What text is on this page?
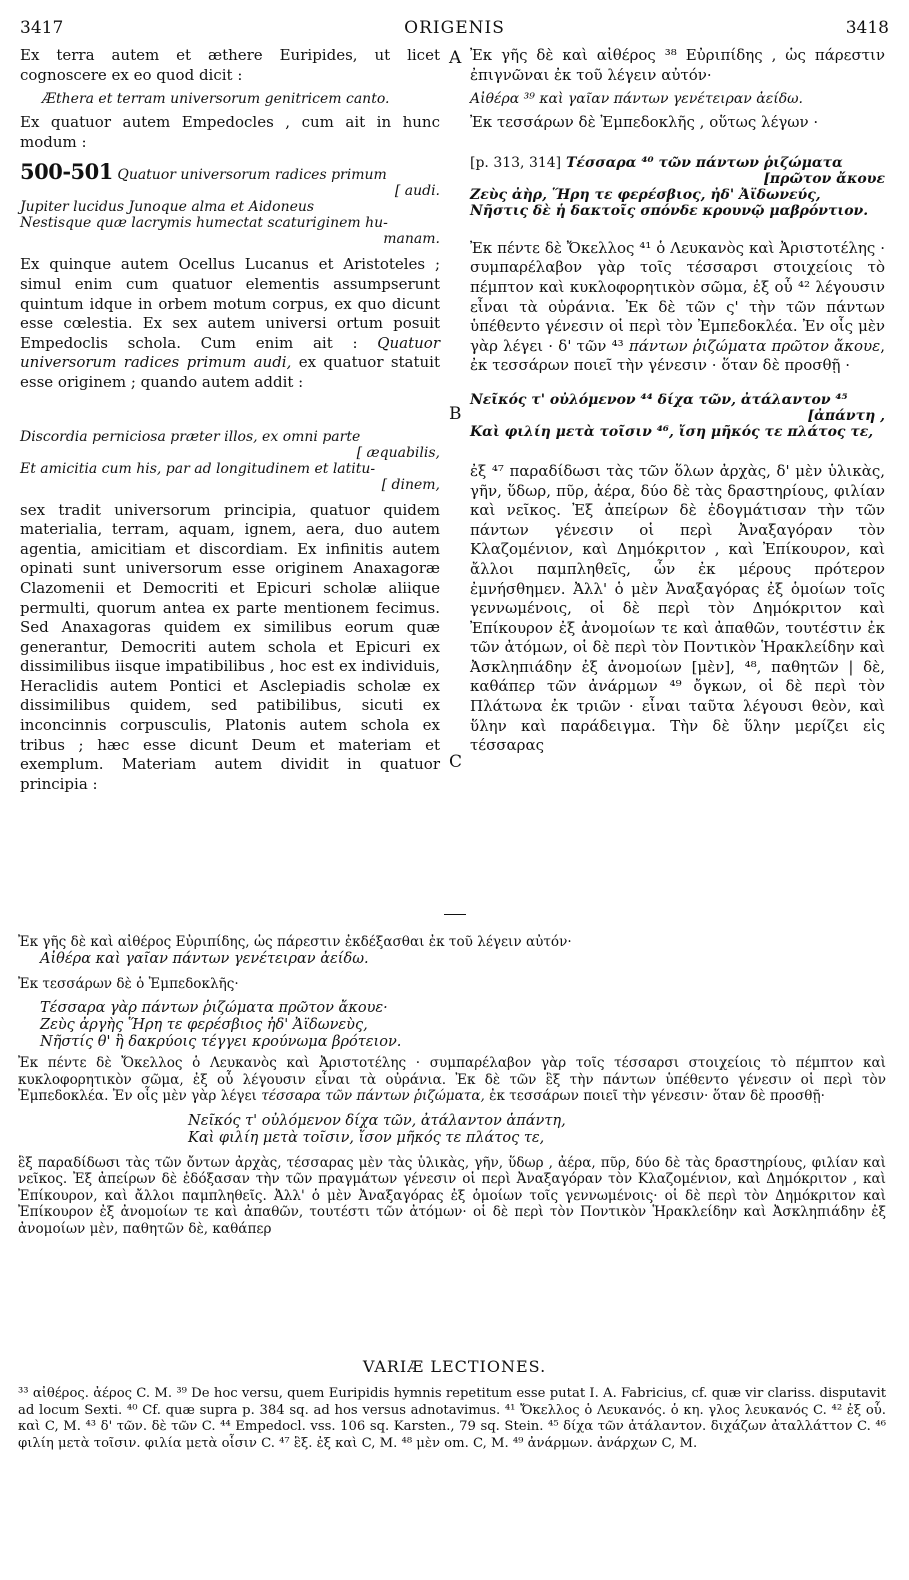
3417	ORIGENIS	3418

Ex terra autem et æthere Euripides, ut licet cognoscere ex eo quod dicit :

Æthera et terram universorum genitricem canto.

Ex quatuor autem Empedocles , cum ait in hunc modum :

500-501 Quatuor universorum radices primum
[ audi.
Jupiter lucidus Junoque alma et Aidoneus
Nestisque quæ lacrymis humectat scaturiginem hu-
manam.

Ex quinque autem Ocellus Lucanus et Aristoteles ; simul enim cum quatuor elementis assumpserunt quintum idque in orbem motum corpus, ex quo dicunt esse cœlestia. Ex sex autem universi ortum posuit Empedoclis schola. Cum enim ait : Quatuor universorum radices primum audi, ex quatuor statuit esse originem ; quando autem addit :

Discordia perniciosa præter illos, ex omni parte
[ æquabilis,
Et amicitia cum his, par ad longitudinem et latitu-
[ dinem,

sex tradit universorum principia, quatuor quidem materialia, terram, aquam, ignem, aera, duo autem agentia, amicitiam et discordiam. Ex infinitis autem opinati sunt universorum esse originem Anaxagoræ Clazomenii et Democriti et Epicuri scholæ aliique permulti, quorum antea ex parte mentionem fecimus. Sed Anaxagoras quidem ex similibus eorum quæ generantur, Democriti autem schola et Epicuri ex dissimilibus iisque impatibilibus , hoc est ex individuis, Heraclidis autem Pontici et Asclepiadis scholæ ex dissimilibus quidem, sed patibilibus, sicuti ex inconcinnis corpusculis, Platonis autem schola ex tribus ; hæc esse dicunt Deum et materiam et exemplum. Materiam autem dividit in quatuor principia :

A
B
C

Ἐκ γῆς δὲ καὶ αἰθέρος ³⁸ Εὐριπίδης , ὡς πάρεστιν ἐπιγνῶναι ἐκ τοῦ λέγειν αὐτόν·

Αἰθέρα ³⁹ καὶ γαῖαν πάντων γενέτειραν ἀείδω.

Ἐκ τεσσάρων δὲ Ἐμπεδοκλῆς , οὕτως λέγων ·

[p. 313, 314] Τέσσαρα ⁴⁰ τῶν πάντων ῥιζώματα
[πρῶτον ἄκουε
Ζεὺς ἀὴρ, Ἥρη τε φερέσβιος, ἠδ' Ἀϊδωνεύς,
Νῆστις δὲ ἡ δακτοῖς σπόνδε κρουνῷ μαβρόντιον.

Ἐκ πέντε δὲ Ὄκελλος ⁴¹ ὁ Λευκανὸς καὶ Ἀριστοτέλης · συμπαρέλαβον γὰρ τοῖς τέσσαρσι στοιχείοις τὸ πέμπτον καὶ κυκλοφορητικὸν σῶμα, ἐξ οὗ ⁴² λέγουσιν εἶναι τὰ οὐράνια. Ἐκ δὲ τῶν ς' τὴν τῶν πάντων ὑπέθεντο γένεσιν οἱ περὶ τὸν Ἐμπεδοκλέα. Ἐν οἷς μὲν γὰρ λέγει · δ' τῶν ⁴³ πάντων ῥιζώματα πρῶτον ἄκουε, ἐκ τεσσάρων ποιεῖ τὴν γένεσιν · ὅταν δὲ προσθῇ ·

Νεῖκός τ' οὐλόμενον ⁴⁴ δίχα τῶν, ἀτάλαντον ⁴⁵
[ἀπάντη ,
Καὶ φιλίη μετὰ τοῖσιν ⁴⁶, ἴση μῆκός τε πλάτος τε,

ἐξ ⁴⁷ παραδίδωσι τὰς τῶν ὅλων ἀρχὰς, δ' μὲν ὑλικὰς, γῆν, ὕδωρ, πῦρ, ἀέρα, δύο δὲ τὰς δραστηρίους, φιλίαν καὶ νεῖκος. Ἐξ ἀπείρων δὲ ἐδογμάτισαν τὴν τῶν πάντων γένεσιν οἱ περὶ Ἀναξαγόραν τὸν Κλαζομένιον, καὶ Δημόκριτον , καὶ Ἐπίκουρον, καὶ ἄλλοι παμπληθεῖς, ὧν ἐκ μέρους πρότερον ἐμνήσθημεν. Ἀλλ' ὁ μὲν Ἀναξαγόρας ἐξ ὁμοίων τοῖς γεννωμένοις, οἱ δὲ περὶ τὸν Δημόκριτον καὶ Ἐπίκουρον ἐξ ἀνομοίων τε καὶ ἀπαθῶν, τουτέστιν ἐκ τῶν ἀτόμων, οἱ δὲ περὶ τὸν Ποντικὸν Ἡρακλείδην καὶ Ἀσκληπιάδην ἐξ ἀνομοίων [μὲν], ⁴⁸, παθητῶν | δὲ, καθάπερ τῶν ἀνάρμων ⁴⁹ ὄγκων, οἱ δὲ περὶ τὸν Πλάτωνα ἐκ τριῶν · εἶναι ταῦτα λέγουσι θεὸν, καὶ ὕλην καὶ παράδειγμα. Τὴν δὲ ὕλην μερίζει εἰς τέσσαρας

Ἐκ γῆς δὲ καὶ αἰθέρος Εὐριπίδης, ὡς πάρεστιν ἐκδέξασθαι ἐκ τοῦ λέγειν αὐτόν·

Αἰθέρα καὶ γαῖαν πάντων γενέτειραν ἀείδω.

Ἐκ τεσσάρων δὲ ὁ Ἐμπεδοκλῆς·

Τέσσαρα γὰρ πάντων ῥιζώματα πρῶτον ἄκουε·
Ζεὺς ἀργὴς Ἥρη τε φερέσβιος ἠδ' Ἀϊδωνεὺς,
Νῆστίς θ' ἣ δακρύοις τέγγει κρούνωμα βρότειον.

Ἐκ πέντε δὲ Ὄκελλος ὁ Λευκανὸς καὶ Ἀριστοτέλης · συμπαρέλαβον γὰρ τοῖς τέσσαρσι στοιχείοις τὸ πέμπτον καὶ κυκλοφορητικὸν σῶμα, ἐξ οὗ λέγουσιν εἶναι τὰ οὐράνια. Ἐκ δὲ τῶν ἓξ τὴν πάντων ὑπέθεντο γένεσιν οἱ περὶ τὸν Ἐμπεδοκλέα. Ἐν οἷς μὲν γὰρ λέγει τέσσαρα τῶν πάντων ῥιζώματα, ἐκ τεσσάρων ποιεῖ τὴν γένεσιν· ὅταν δὲ προσθῇ·

Νεῖκός τ' οὐλόμενον δίχα τῶν, ἀτάλαντον ἁπάντη,
Καὶ φιλίη μετὰ τοῖσιν, ἴσον μῆκός τε πλάτος τε,

ἓξ παραδίδωσι τὰς τῶν ὄντων ἀρχὰς, τέσσαρας μὲν τὰς ὑλικὰς, γῆν, ὕδωρ , ἀέρα, πῦρ, δύο δὲ τὰς δραστηρίους, φιλίαν καὶ νεῖκος. Ἐξ ἀπείρων δὲ ἐδόξασαν τὴν τῶν πραγμάτων γένεσιν οἱ περὶ Ἀναξαγόραν τὸν Κλαζομένιον, καὶ Δημόκριτον , καὶ Ἐπίκουρον, καὶ ἄλλοι παμπληθεῖς. Ἀλλ' ὁ μὲν Ἀναξαγόρας ἐξ ὁμοίων τοῖς γεννωμένοις· οἱ δὲ περὶ τὸν Δημόκριτον καὶ Ἐπίκουρον ἐξ ἀνομοίων τε καὶ ἀπαθῶν, τουτέστι τῶν ἀτόμων· οἱ δὲ περὶ τὸν Ποντικὸν Ἡρακλείδην καὶ Ἀσκληπιάδην ἐξ ἀνομοίων μὲν, παθητῶν δὲ, καθάπερ

VARIÆ LECTIONES.
³³ αἰθέρος. ἀέρος C. M. ³⁹ De hoc versu, quem Euripidis hymnis repetitum esse putat I. A. Fabricius, cf. quæ vir clariss. disputavit ad locum Sexti. ⁴⁰ Cf. quæ supra p. 384 sq. ad hos versus adnotavimus. ⁴¹ Ὄκελλος ὁ Λευκανός. ὁ κη. γλος λευκανός C. ⁴² ἐξ οὗ. καὶ C, M. ⁴³ δ' τῶν. δὲ τῶν C. ⁴⁴ Empedocl. vss. 106 sq. Karsten., 79 sq. Stein. ⁴⁵ δίχα τῶν ἀτάλαντον. διχάζων ἀταλλάττον C. ⁴⁶ φιλίη μετὰ τοῖσιν. φιλία μετὰ οἷσιν C. ⁴⁷ ἓξ. ἐξ καὶ C, M. ⁴⁸ μὲν om. C, M. ⁴⁹ ἀνάρμων. ἀνάρχων C, M.
